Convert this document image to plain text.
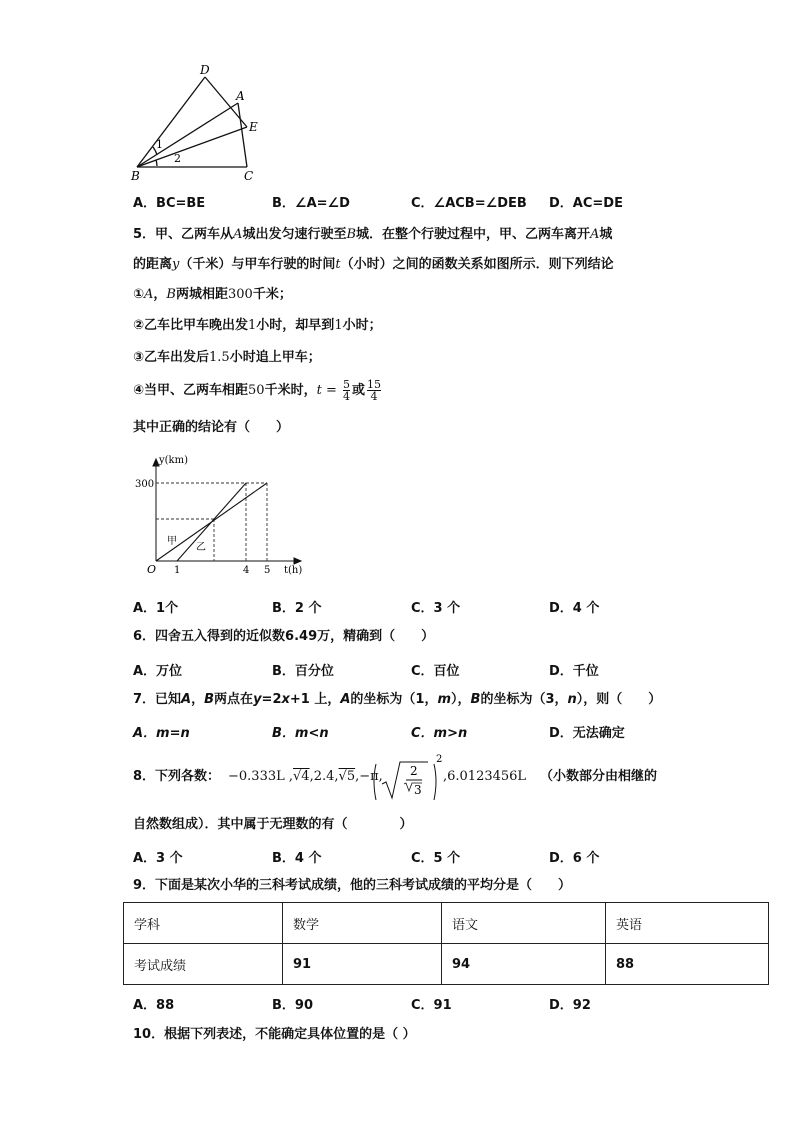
D
A
E
B	C
1
2
A．BC=BE	B．∠A=∠D	C．∠ACB=∠DEB D．AC=DE
5．甲、乙两车从A城出发匀速行驶至B城．在整个行驶过程中，甲、乙两车离开A城
的距离y（千米）与甲车行驶的时间t（小时）之间的函数关系如图所示．则下列结论
①A，B两城相距300千米；
②乙车比甲车晚出发1小时，却早到1小时；
③乙车出发后1.5小时追上甲车；
④当甲、乙两车相距50千米时，$t = \frac{5}{4}$ 或 $\frac{15}{4}$
其中正确的结论有（　　）
y(km)
t(h)
O
300
1	4 5
甲
乙
A．1个	B．2 个	C．3 个	D．4 个
6．四舍五入得到的近似数6.49万，精确到（　　）
A．万位	B．百分位	C．百位	D．千位
7．已知A，B两点在y=2x+1 上，A的坐标为（1，m），B的坐标为（3，n），则（　　）
A．m=n	B．m<n	C．m>n	D．无法确定
8．下列各数： −0.333L ,√4,2.4,√5,−π, 2
3
2
,6.0123456L （小数部分由相继的
自然数组成）．其中属于无理数的有（　　　　）
A．3 个	B．4 个	C．5 个	D．6 个
9．下面是某次小华的三科考试成绩，他的三科考试成绩的平均分是（　　）
学科	数学	语文	英语
考试成绩	91	94	88
A．88	B．90	C．91	D．92
10．根据下列表述，不能确定具体位置的是（ ）
